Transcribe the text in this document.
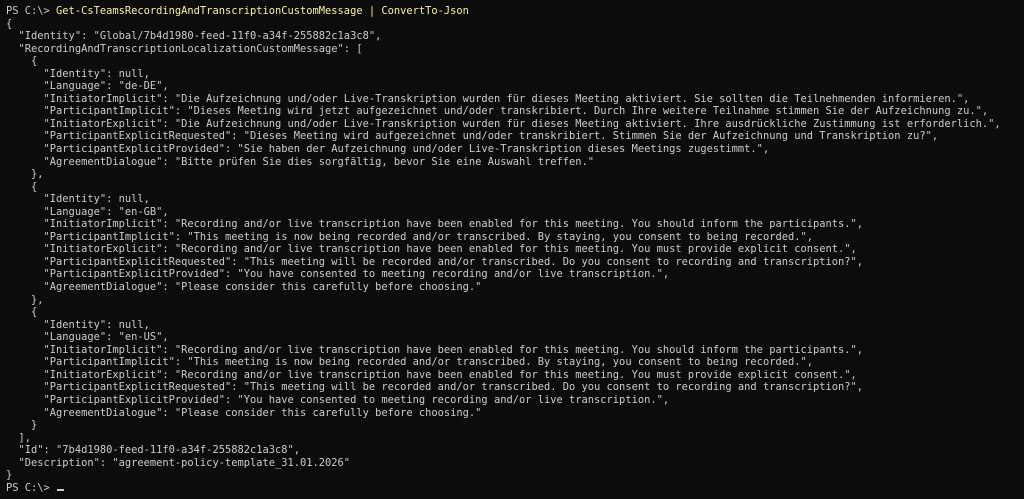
PS C:\> Get-CsTeamsRecordingAndTranscriptionCustomMessage | ConvertTo-Json
{
"Identity": "Global/7b4d1980-feed-11f0-a34f-255882c1a3c8",
"RecordingAndTranscriptionLocalizationCustomMessage": [
{
"Identity": null,
"Language": "de-DE",
"InitiatorImplicit": "Die Aufzeichnung und/oder Live-Transkription wurden für dieses Meeting aktiviert. Sie sollten die Teilnehmenden informieren.",
"ParticipantImplicit": "Dieses Meeting wird jetzt aufgezeichnet und/oder transkribiert. Durch Ihre weitere Teilnahme stimmen Sie der Aufzeichnung zu.",
"InitiatorExplicit": "Die Aufzeichnung und/oder Live-Transkription wurden für dieses Meeting aktiviert. Ihre ausdrückliche Zustimmung ist erforderlich.",
"ParticipantExplicitRequested": "Dieses Meeting wird aufgezeichnet und/oder transkribiert. Stimmen Sie der Aufzeichnung und Transkription zu?",
"ParticipantExplicitProvided": "Sie haben der Aufzeichnung und/oder Live-Transkription dieses Meetings zugestimmt.",
"AgreementDialogue": "Bitte prüfen Sie dies sorgfältig, bevor Sie eine Auswahl treffen."
},
{
"Identity": null,
"Language": "en-GB",
"InitiatorImplicit": "Recording and/or live transcription have been enabled for this meeting. You should inform the participants.",
"ParticipantImplicit": "This meeting is now being recorded and/or transcribed. By staying, you consent to being recorded.",
"InitiatorExplicit": "Recording and/or live transcription have been enabled for this meeting. You must provide explicit consent.",
"ParticipantExplicitRequested": "This meeting will be recorded and/or transcribed. Do you consent to recording and transcription?",
"ParticipantExplicitProvided": "You have consented to meeting recording and/or live transcription.",
"AgreementDialogue": "Please consider this carefully before choosing."
},
{
"Identity": null,
"Language": "en-US",
"InitiatorImplicit": "Recording and/or live transcription have been enabled for this meeting. You should inform the participants.",
"ParticipantImplicit": "This meeting is now being recorded and/or transcribed. By staying, you consent to being recorded.",
"InitiatorExplicit": "Recording and/or live transcription have been enabled for this meeting. You must provide explicit consent.",
"ParticipantExplicitRequested": "This meeting will be recorded and/or transcribed. Do you consent to recording and transcription?",
"ParticipantExplicitProvided": "You have consented to meeting recording and/or live transcription.",
"AgreementDialogue": "Please consider this carefully before choosing."
}
],
"Id": "7b4d1980-feed-11f0-a34f-255882c1a3c8",
"Description": "agreement-policy-template_31.01.2026"
}
PS C:\>
